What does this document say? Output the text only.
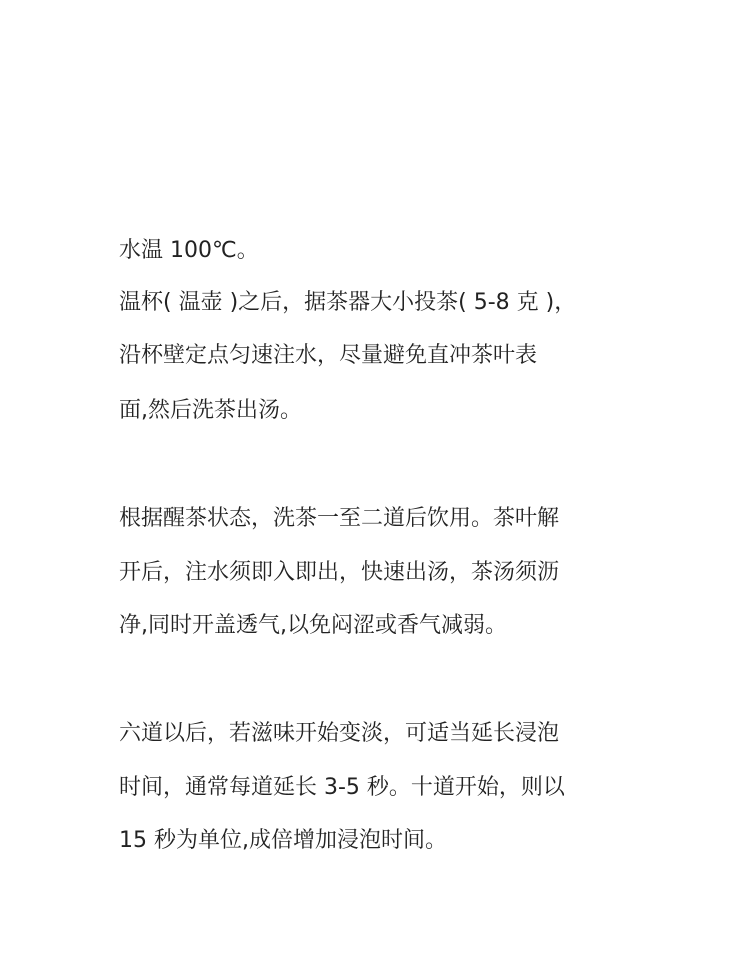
水温 100℃。
温杯( 温壶 )之后，据茶器大小投茶( 5-8 克 )，
沿杯壁定点匀速注水，尽量避免直冲茶叶表
面,然后洗茶出汤。
根据醒茶状态，洗茶一至二道后饮用。茶叶解
开后，注水须即入即出，快速出汤，茶汤须沥
净,同时开盖透气,以免闷涩或香气减弱。
六道以后，若滋味开始变淡，可适当延长浸泡
时间，通常每道延长 3-5 秒。十道开始，则以
15 秒为单位,成倍增加浸泡时间。
